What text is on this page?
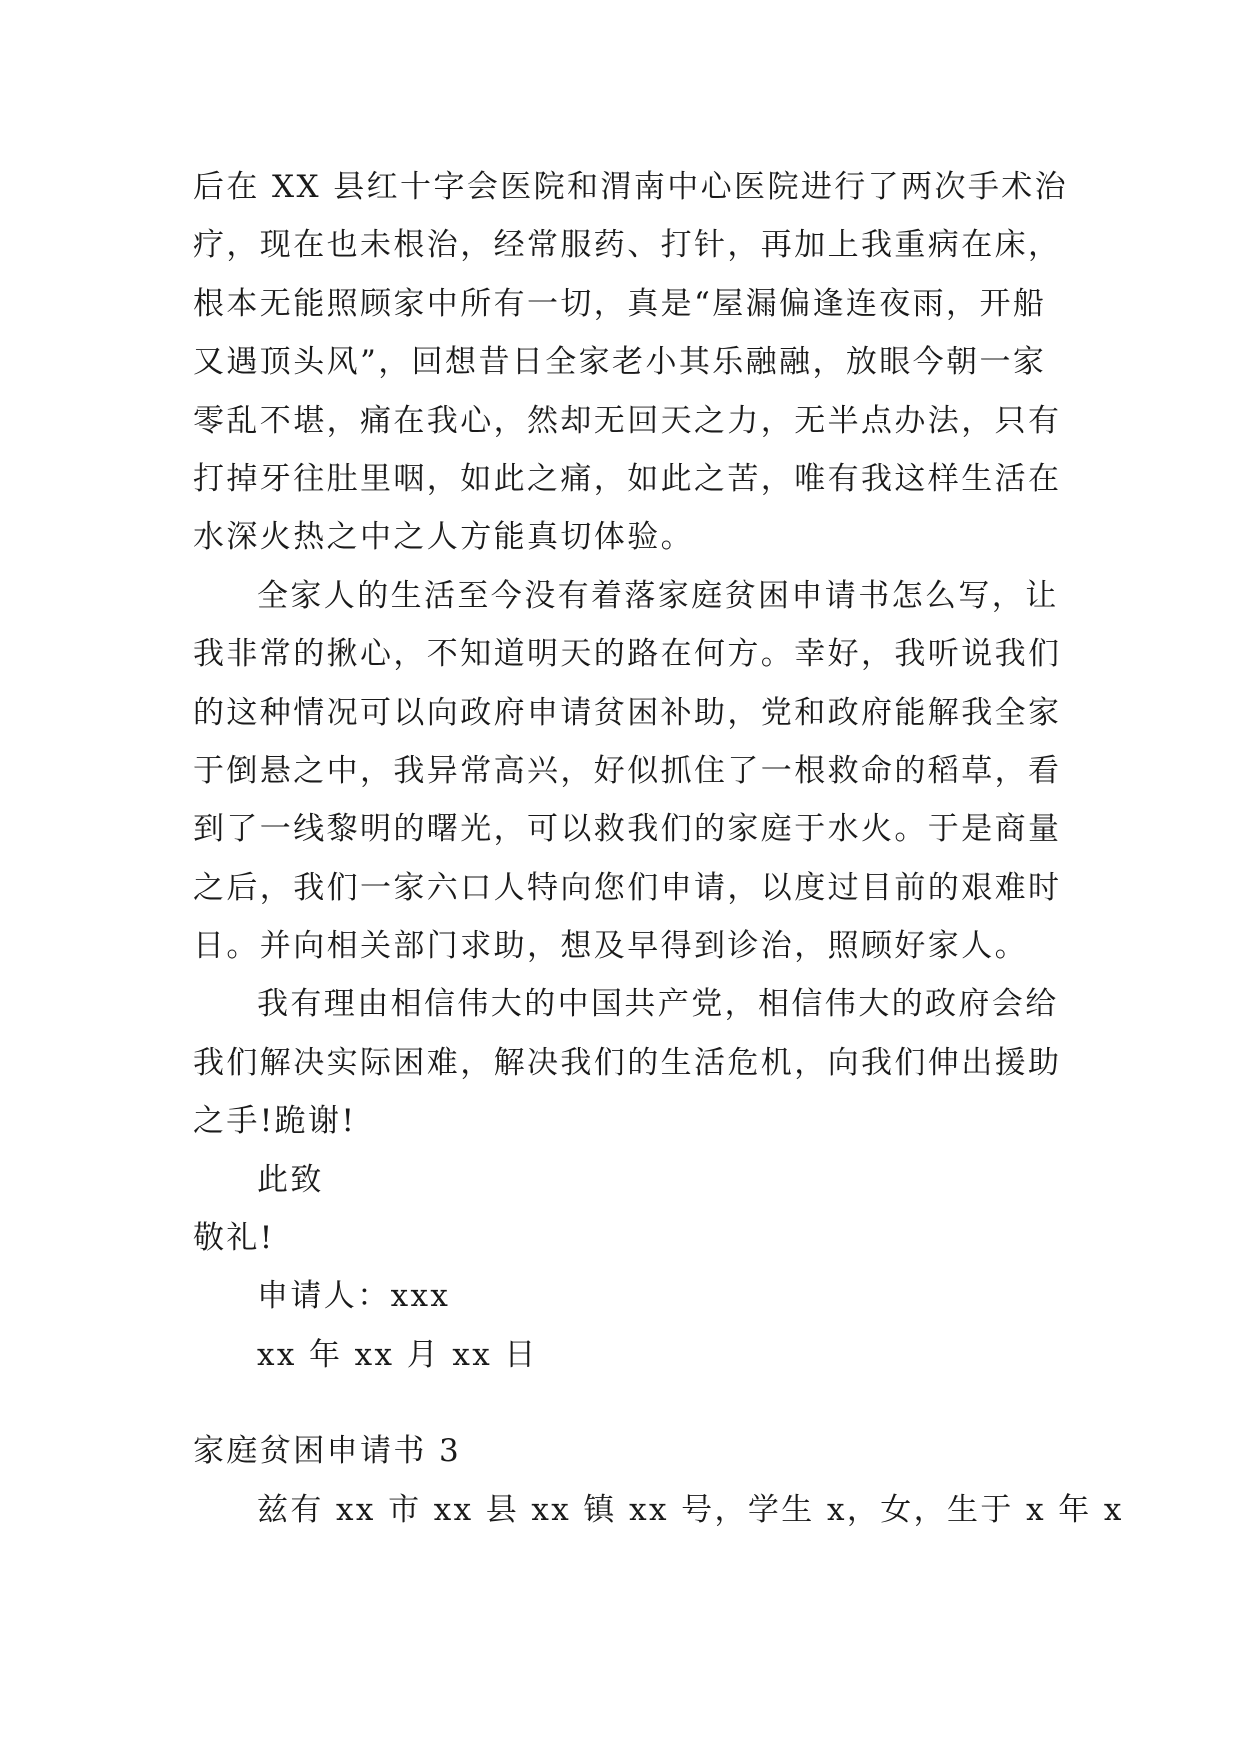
后在 XX 县红十字会医院和渭南中心医院进行了两次手术治
疗，现在也未根治，经常服药、打针，再加上我重病在床，
根本无能照顾家中所有一切，真是“屋漏偏逢连夜雨，开船
又遇顶头风”，回想昔日全家老小其乐融融，放眼今朝一家
零乱不堪，痛在我心，然却无回天之力，无半点办法，只有
打掉牙往肚里咽，如此之痛，如此之苦，唯有我这样生活在
水深火热之中之人方能真切体验。
全家人的生活至今没有着落家庭贫困申请书怎么写，让
我非常的揪心，不知道明天的路在何方。幸好，我听说我们
的这种情况可以向政府申请贫困补助，党和政府能解我全家
于倒悬之中，我异常高兴，好似抓住了一根救命的稻草，看
到了一线黎明的曙光，可以救我们的家庭于水火。于是商量
之后，我们一家六口人特向您们申请，以度过目前的艰难时
日。并向相关部门求助，想及早得到诊治，照顾好家人。
我有理由相信伟大的中国共产党，相信伟大的政府会给
我们解决实际困难，解决我们的生活危机，向我们伸出援助
之手!跪谢!
此致
敬礼!
申请人：xxx
xx 年 xx 月 xx 日
家庭贫困申请书 3
兹有 xx 市 xx 县 xx 镇 xx 号，学生 x，女，生于 x 年 x
